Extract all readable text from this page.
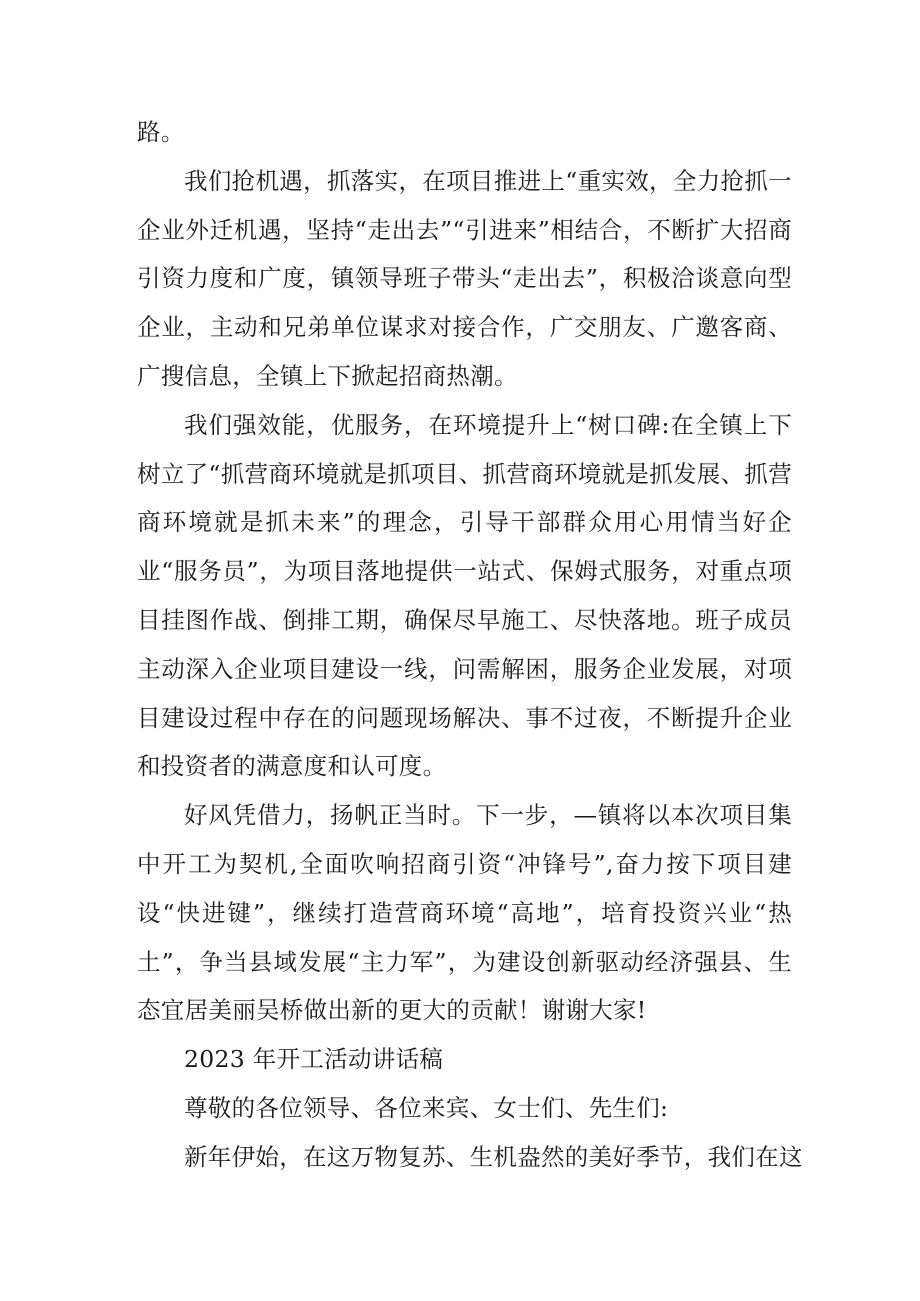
路。

我们抢机遇，抓落实，在项目推进上“重实效，全力抢抓一企业外迁机遇，坚持“走出去”“引进来”相结合，不断扩大招商引资力度和广度，镇领导班子带头“走出去”，积极洽谈意向型企业，主动和兄弟单位谋求对接合作，广交朋友、广邀客商、广搜信息，全镇上下掀起招商热潮。

我们强效能，优服务，在环境提升上“树口碑:在全镇上下树立了“抓营商环境就是抓项目、抓营商环境就是抓发展、抓营商环境就是抓未来”的理念，引导干部群众用心用情当好企业“服务员”，为项目落地提供一站式、保姆式服务，对重点项目挂图作战、倒排工期，确保尽早施工、尽快落地。班子成员主动深入企业项目建设一线，问需解困，服务企业发展，对项目建设过程中存在的问题现场解决、事不过夜，不断提升企业和投资者的满意度和认可度。

好风凭借力，扬帆正当时。下一步，—镇将以本次项目集中开工为契机,全面吹响招商引资“冲锋号”,奋力按下项目建设“快进键”，继续打造营商环境“高地”，培育投资兴业“热土”，争当县域发展“主力军”，为建设创新驱动经济强县、生态宜居美丽吴桥做出新的更大的贡献！谢谢大家!

2023 年开工活动讲话稿

尊敬的各位领导、各位来宾、女士们、先生们:

新年伊始，在这万物复苏、生机盎然的美好季节，我们在这
